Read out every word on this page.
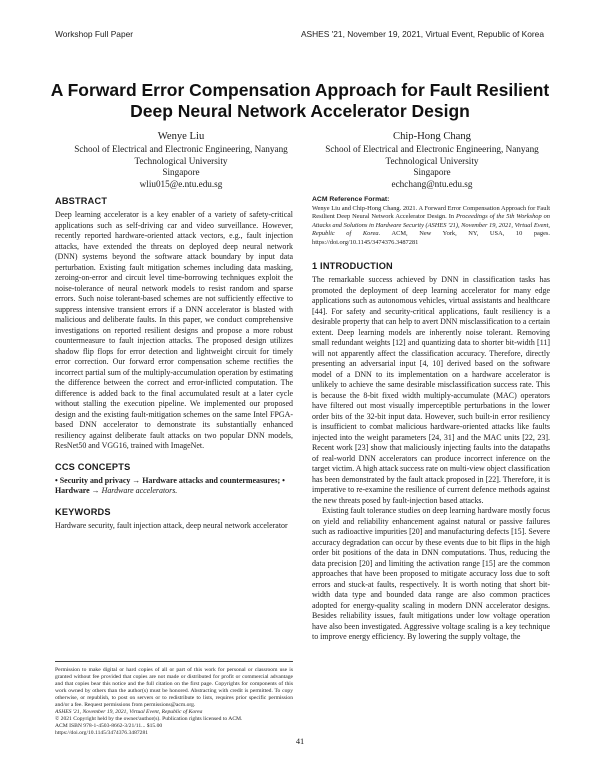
Workshop Full Paper	ASHES '21, November 19, 2021, Virtual Event, Republic of Korea
A Forward Error Compensation Approach for Fault Resilient
Deep Neural Network Accelerator Design
Wenye Liu
School of Electrical and Electronic Engineering, Nanyang
Technological University
Singapore
wliu015@e.ntu.edu.sg
Chip-Hong Chang
School of Electrical and Electronic Engineering, Nanyang
Technological University
Singapore
echchang@ntu.edu.sg
ABSTRACT

Deep learning accelerator is a key enabler of a variety of safety-critical applications such as self-driving car and video surveillance. However, recently reported hardware-oriented attack vectors, e.g., fault injection attacks, have extended the threats on deployed deep neural network (DNN) systems beyond the software attack boundary by input data perturbation. Existing fault mitigation schemes including data masking, zeroing-on-error and circuit level time-borrowing techniques exploit the noise-tolerance of neural network models to resist random and sparse errors. Such noise tolerant-based schemes are not sufficiently effective to suppress intensive transient errors if a DNN accelerator is blasted with malicious and deliberate faults. In this paper, we conduct comprehensive investigations on reported resilient designs and propose a more robust countermeasure to fault injection attacks. The proposed design utilizes shadow flip flops for error detection and lightweight circuit for timely error correction. Our forward error compensation scheme rectifies the incorrect partial sum of the multiply-accumulation operation by estimating the difference between the correct and error-inflicted computation. The difference is added back to the final accumulated result at a later cycle without stalling the execution pipeline. We implemented our proposed design and the existing fault-mitigation schemes on the same Intel FPGA-based DNN accelerator to demonstrate its substantially enhanced resiliency against deliberate fault attacks on two popular DNN models, ResNet50 and VGG16, trained with ImageNet.

CCS CONCEPTS
• Security and privacy → Hardware attacks and countermeasures; • Hardware → Hardware accelerators.
KEYWORDS

Hardware security, fault injection attack, deep neural network accelerator

Permission to make digital or hard copies of all or part of this work for personal or classroom use is granted without fee provided that copies are not made or distributed for profit or commercial advantage and that copies bear this notice and the full citation on the first page. Copyrights for components of this work owned by others than the author(s) must be honored. Abstracting with credit is permitted. To copy otherwise, or republish, to post on servers or to redistribute to lists, requires prior specific permission and/or a fee. Request permissions from permissions@acm.org.
ASHES '21, November 19, 2021, Virtual Event, Republic of Korea
© 2021 Copyright held by the owner/author(s). Publication rights licensed to ACM.
ACM ISBN 978-1-4503-8662-3/21/11... $15.00
https://doi.org/10.1145/3474376.3487281
ACM Reference Format:
Wenye Liu and Chip-Hong Chang. 2021. A Forward Error Compensation Approach for Fault Resilient Deep Neural Network Accelerator Design. In Proceedings of the 5th Workshop on Attacks and Solutions in Hardware Security (ASHES '21), November 19, 2021, Virtual Event, Republic of Korea. ACM, New York, NY, USA, 10 pages. https://doi.org/10.1145/3474376.3487281
1 INTRODUCTION

The remarkable success achieved by DNN in classification tasks has promoted the deployment of deep learning accelerator for many edge applications such as autonomous vehicles, virtual assistants and healthcare [44]. For safety and security-critical applications, fault resiliency is a desirable property that can help to avert DNN misclassification to a certain extent. Deep learning models are inherently noise tolerant. Removing small redundant weights [12] and quantizing data to shorter bit-width [11] will not apparently affect the classification accuracy. Therefore, directly presenting an adversarial input [4, 10] derived based on the software model of a DNN to its implementation on a hardware accelerator is unlikely to achieve the same desirable misclassification success rate. This is because the 8-bit fixed width multiply-accumulate (MAC) operators have filtered out most visually imperceptible perturbations in the lower order bits of the 32-bit input data. However, such built-in error resiliency is insufficient to combat malicious hardware-oriented attacks like faults injected into the weight parameters [24, 31] and the MAC units [22, 23]. Recent work [23] show that maliciously injecting faults into the datapaths of real-world DNN accelerators can produce incorrect inference on the target victim. A high attack success rate on multi-view object classification has been demonstrated by the fault attack proposed in [22]. Therefore, it is imperative to re-examine the resilience of current defence methods against the new threats posed by fault-injection based attacks.

Existing fault tolerance studies on deep learning hardware mostly focus on yield and reliability enhancement against natural or passive failures such as radioactive impurities [20] and manufacturing defects [15]. Severe accuracy degradation can occur by these events due to bit flips in the high order bit positions of the data in DNN computations. Thus, reducing the data precision [20] and limiting the activation range [15] are the common approaches that have been proposed to mitigate accuracy loss due to soft errors and stuck-at faults, respectively. It is worth noting that short bit-width data type and bounded data range are also common practices adopted for energy-quality scaling in modern DNN accelerator designs. Besides reliability issues, fault mitigations under low voltage operation have also been investigated. Aggressive voltage scaling is a key technique to improve energy efficiency. By lowering the supply voltage, the

41
